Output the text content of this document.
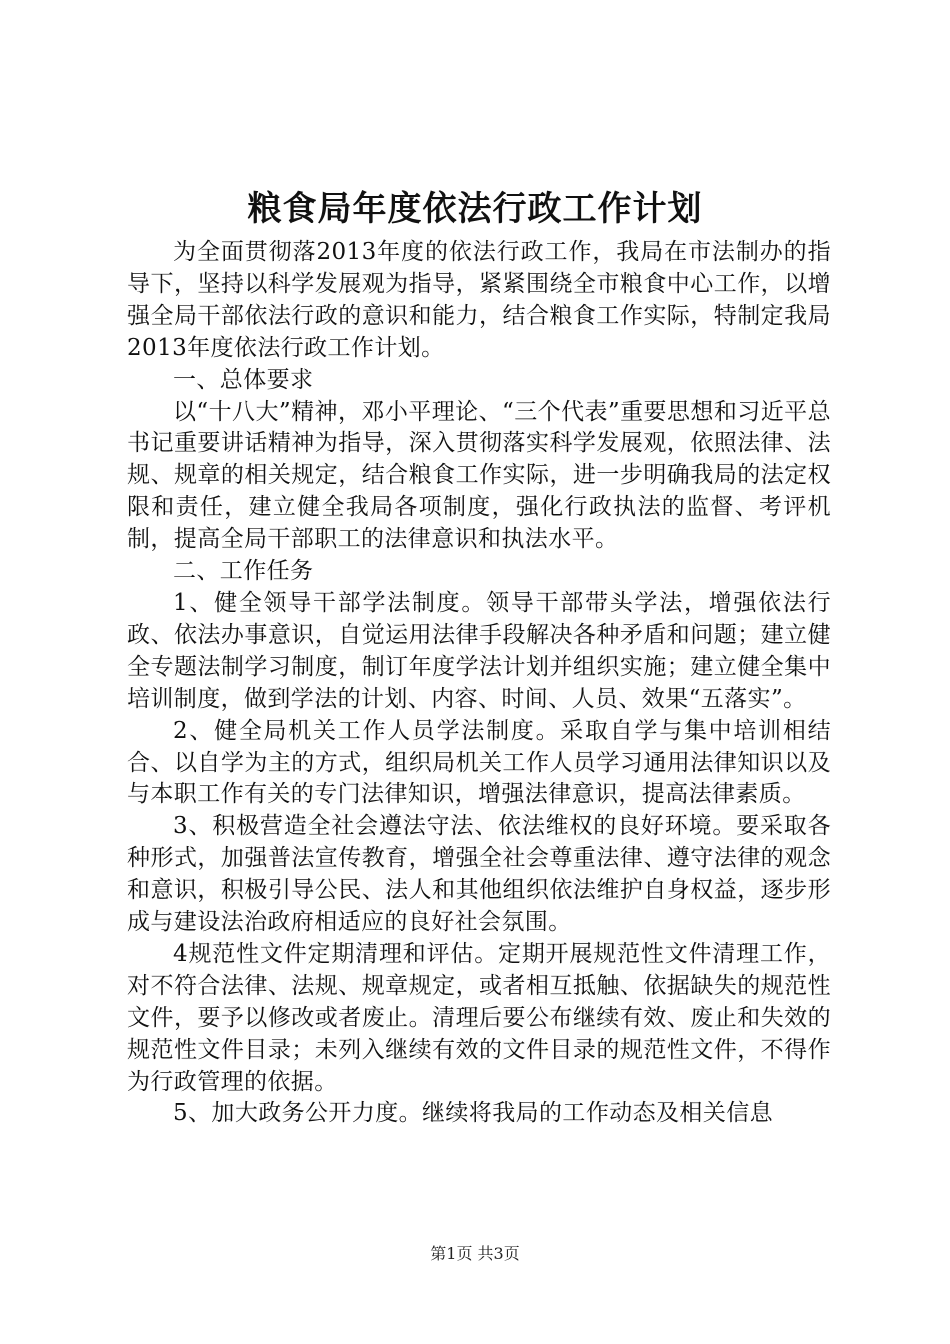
粮食局年度依法行政工作计划

为全面贯彻落2013年度的依法行政工作，我局在市法制办的指导下，坚持以科学发展观为指导，紧紧围绕全市粮食中心工作，以增强全局干部依法行政的意识和能力，结合粮食工作实际，特制定我局2013年度依法行政工作计划。

一、总体要求

以“十八大”精神，邓小平理论、“三个代表”重要思想和习近平总书记重要讲话精神为指导，深入贯彻落实科学发展观，依照法律、法规、规章的相关规定，结合粮食工作实际，进一步明确我局的法定权限和责任，建立健全我局各项制度，强化行政执法的监督、考评机制，提高全局干部职工的法律意识和执法水平。

二、工作任务

1、健全领导干部学法制度。领导干部带头学法，增强依法行政、依法办事意识，自觉运用法律手段解决各种矛盾和问题；建立健全专题法制学习制度，制订年度学法计划并组织实施；建立健全集中培训制度，做到学法的计划、内容、时间、人员、效果“五落实”。

2、健全局机关工作人员学法制度。采取自学与集中培训相结合、以自学为主的方式，组织局机关工作人员学习通用法律知识以及与本职工作有关的专门法律知识，增强法律意识，提高法律素质。

3、积极营造全社会遵法守法、依法维权的良好环境。要采取各种形式，加强普法宣传教育，增强全社会尊重法律、遵守法律的观念和意识，积极引导公民、法人和其他组织依法维护自身权益，逐步形成与建设法治政府相适应的良好社会氛围。

4规范性文件定期清理和评估。定期开展规范性文件清理工作，对不符合法律、法规、规章规定，或者相互抵触、依据缺失的规范性文件，要予以修改或者废止。清理后要公布继续有效、废止和失效的规范性文件目录；未列入继续有效的文件目录的规范性文件，不得作为行政管理的依据。

5、加大政务公开力度。继续将我局的工作动态及相关信息

第1页 共3页
